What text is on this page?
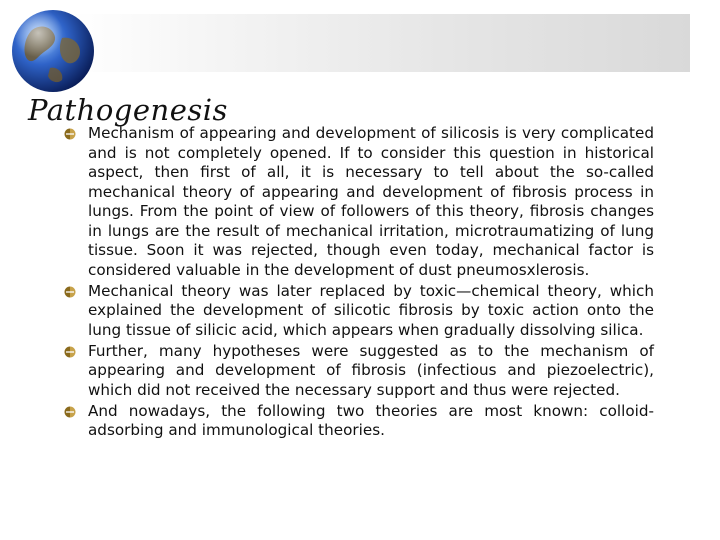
Pathogenesis
Mechanism of appearing and development of silicosis is very complicated and is not completely opened. If to consider this question in historical aspect, then first of all, it is necessary to tell about the so-called mechanical theory of appearing and development of fibrosis process in lungs. From the point of view of followers of this theory, fibrosis changes in lungs are the result of mechanical irritation, microtraumatizing of lung tissue. Soon it was rejected, though even today, mechanical factor is considered valuable in the development of dust pneumosxlerosis.
Mechanical theory was later replaced by toxic—chemical theory, which explained the development of silicotic fibrosis by toxic action onto the lung tissue of silicic acid, which appears when gradually dissolving silica.
Further, many hypotheses were suggested as to the mechanism of appearing and development of fibrosis (infectious and piezoelectric), which did not received the necessary support and thus were rejected.
And nowadays, the following two theories are most known: colloid-adsorbing and immunological theories.
